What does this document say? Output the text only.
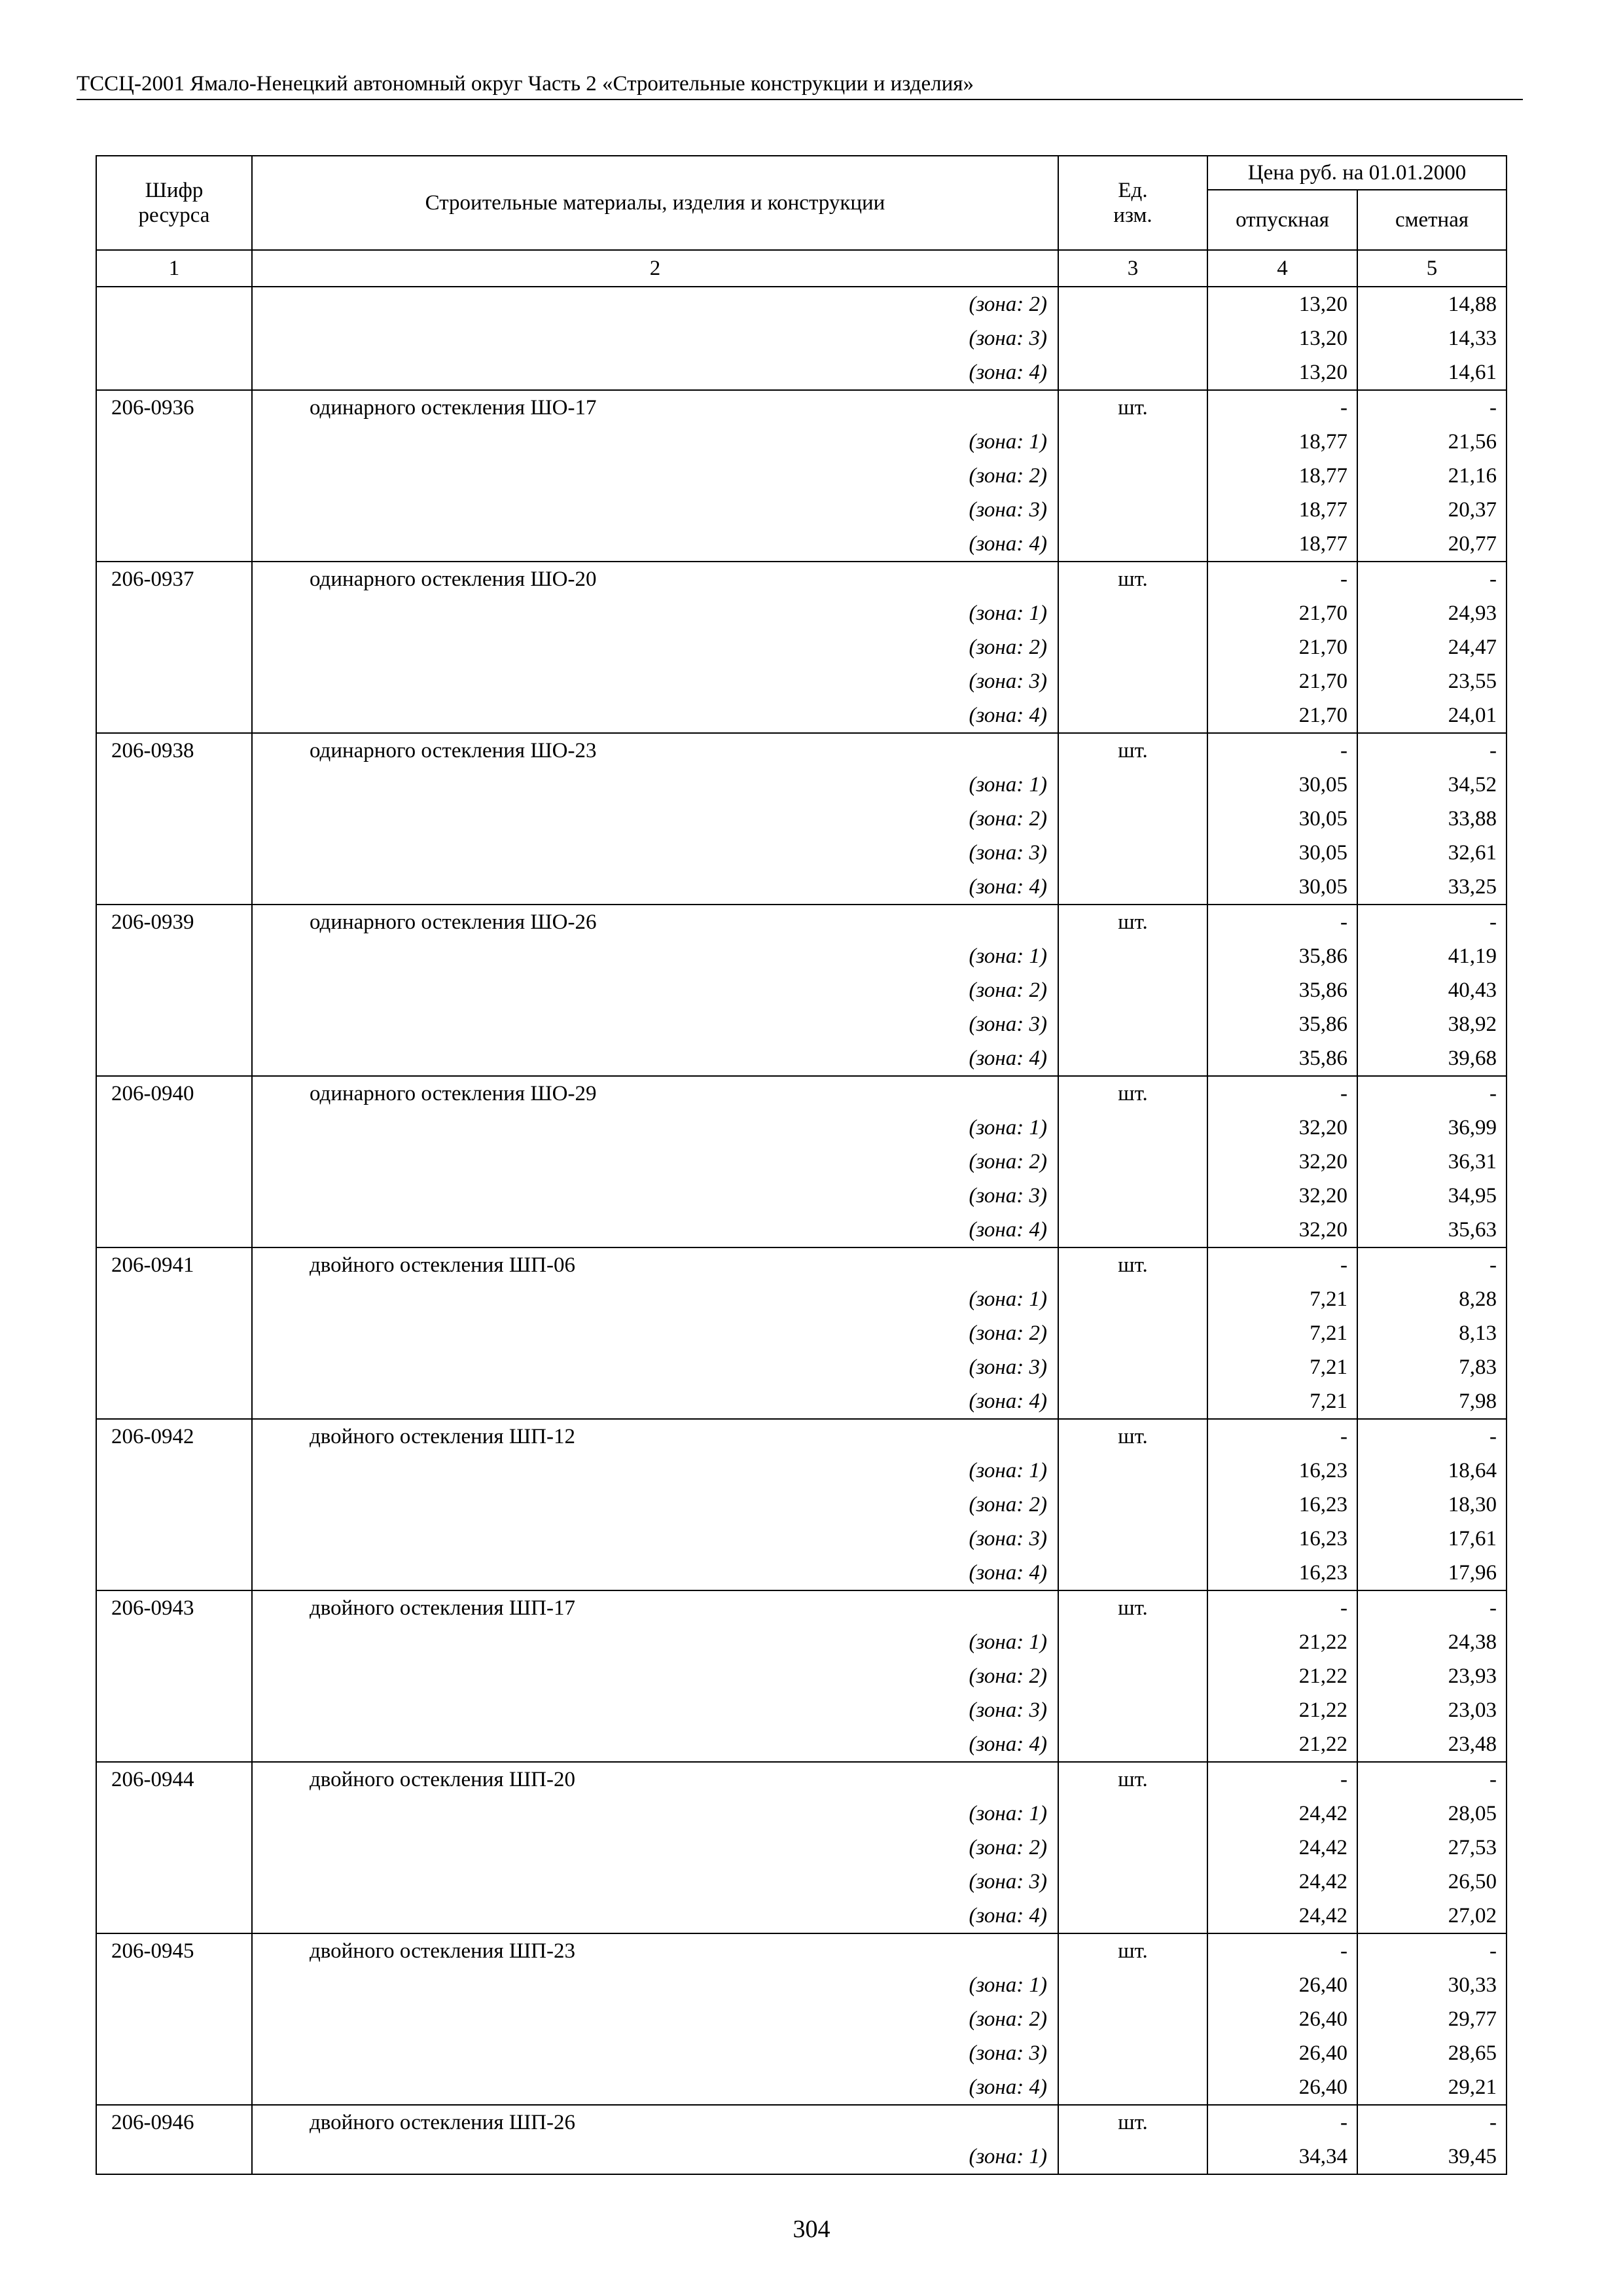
ТССЦ-2001 Ямало-Ненецкий автономный округ Часть 2 «Строительные конструкции и изделия»
Шифр ресурса	Строительные материалы, изделия и конструкции	Ед. изм.	Цена руб. на 01.01.2000	
			отпускная	сметная
1	2	3	4	5
	(зона: 2)		13,20	14,88
	(зона: 3)		13,20	14,33
	(зона: 4)		13,20	14,61
206-0936	одинарного остекления ШО-17	шт.	-	-
	(зона: 1)		18,77	21,56
	(зона: 2)		18,77	21,16
	(зона: 3)		18,77	20,37
	(зона: 4)		18,77	20,77
206-0937	одинарного остекления ШО-20	шт.	-	-
	(зона: 1)		21,70	24,93
	(зона: 2)		21,70	24,47
	(зона: 3)		21,70	23,55
	(зона: 4)		21,70	24,01
206-0938	одинарного остекления ШО-23	шт.	-	-
	(зона: 1)		30,05	34,52
	(зона: 2)		30,05	33,88
	(зона: 3)		30,05	32,61
	(зона: 4)		30,05	33,25
206-0939	одинарного остекления ШО-26	шт.	-	-
	(зона: 1)		35,86	41,19
	(зона: 2)		35,86	40,43
	(зона: 3)		35,86	38,92
	(зона: 4)		35,86	39,68
206-0940	одинарного остекления ШО-29	шт.	-	-
	(зона: 1)		32,20	36,99
	(зона: 2)		32,20	36,31
	(зона: 3)		32,20	34,95
	(зона: 4)		32,20	35,63
206-0941	двойного остекления ШП-06	шт.	-	-
	(зона: 1)		7,21	8,28
	(зона: 2)		7,21	8,13
	(зона: 3)		7,21	7,83
	(зона: 4)		7,21	7,98
206-0942	двойного остекления ШП-12	шт.	-	-
	(зона: 1)		16,23	18,64
	(зона: 2)		16,23	18,30
	(зона: 3)		16,23	17,61
	(зона: 4)		16,23	17,96
206-0943	двойного остекления ШП-17	шт.	-	-
	(зона: 1)		21,22	24,38
	(зона: 2)		21,22	23,93
	(зона: 3)		21,22	23,03
	(зона: 4)		21,22	23,48
206-0944	двойного остекления ШП-20	шт.	-	-
	(зона: 1)		24,42	28,05
	(зона: 2)		24,42	27,53
	(зона: 3)		24,42	26,50
	(зона: 4)		24,42	27,02
206-0945	двойного остекления ШП-23	шт.	-	-
	(зона: 1)		26,40	30,33
	(зона: 2)		26,40	29,77
	(зона: 3)		26,40	28,65
	(зона: 4)		26,40	29,21
206-0946	двойного остекления ШП-26	шт.	-	-
	(зона: 1)		34,34	39,45
304
